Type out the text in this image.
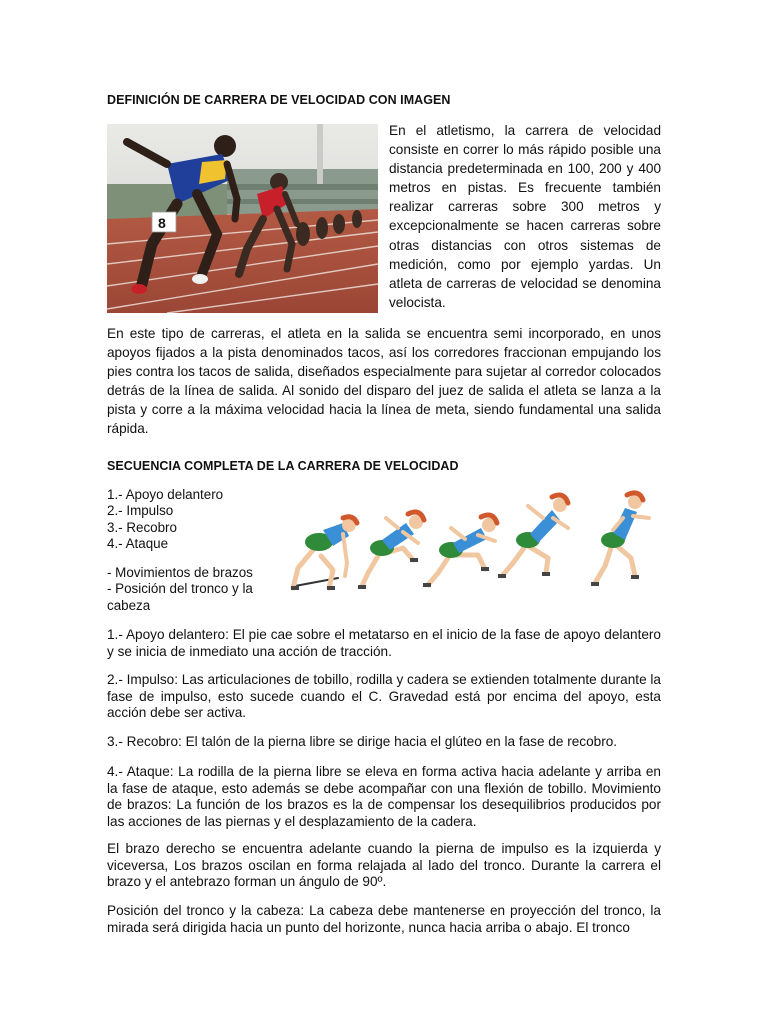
DEFINICIÓN DE CARRERA DE VELOCIDAD CON IMAGEN
8

En el atletismo, la carrera de velocidad consiste en correr lo más rápido posible una distancia predeterminada en 100, 200 y 400 metros en pistas. Es frecuente también realizar carreras sobre 300 metros y excepcionalmente se hacen carreras sobre otras distancias con otros sistemas de medición, como por ejemplo yardas. Un atleta de carreras de velocidad se denomina velocista.

En este tipo de carreras, el atleta en la salida se encuentra semi incorporado, en unos apoyos fijados a la pista denominados tacos, así los corredores fraccionan empujando los pies contra los tacos de salida, diseñados especialmente para sujetar al corredor colocados detrás de la línea de salida. Al sonido del disparo del juez de salida el atleta se lanza a la pista y corre a la máxima velocidad hacia la línea de meta, siendo fundamental una salida rápida.

SECUENCIA COMPLETA DE LA CARRERA DE VELOCIDAD
1.- Apoyo delantero
2.- Impulso
3.- Recobro
4.- Ataque
- Movimientos de brazos
- Posición del tronco y la cabeza

1.- Apoyo delantero: El pie cae sobre el metatarso en el inicio de la fase de apoyo delantero y se inicia de inmediato una acción de tracción.

2.- Impulso: Las articulaciones de tobillo, rodilla y cadera se extienden totalmente durante la fase de impulso, esto sucede cuando el C. Gravedad está por encima del apoyo, esta acción debe ser activa.

3.- Recobro: El talón de la pierna libre se dirige hacia el glúteo en la fase de recobro.

4.- Ataque: La rodilla de la pierna libre se eleva en forma activa hacia adelante y arriba en la fase de ataque, esto además se debe acompañar con una flexión de tobillo. Movimiento de brazos: La función de los brazos es la de compensar los desequilibrios producidos por las acciones de las piernas y el desplazamiento de la cadera.

El brazo derecho se encuentra adelante cuando la pierna de impulso es la izquierda y viceversa, Los brazos oscilan en forma relajada al lado del tronco. Durante la carrera el brazo y el antebrazo forman un ángulo de 90º.

Posición del tronco y la cabeza: La cabeza debe mantenerse en proyección del tronco, la mirada será dirigida hacia un punto del horizonte, nunca hacia arriba o abajo. El tronco
